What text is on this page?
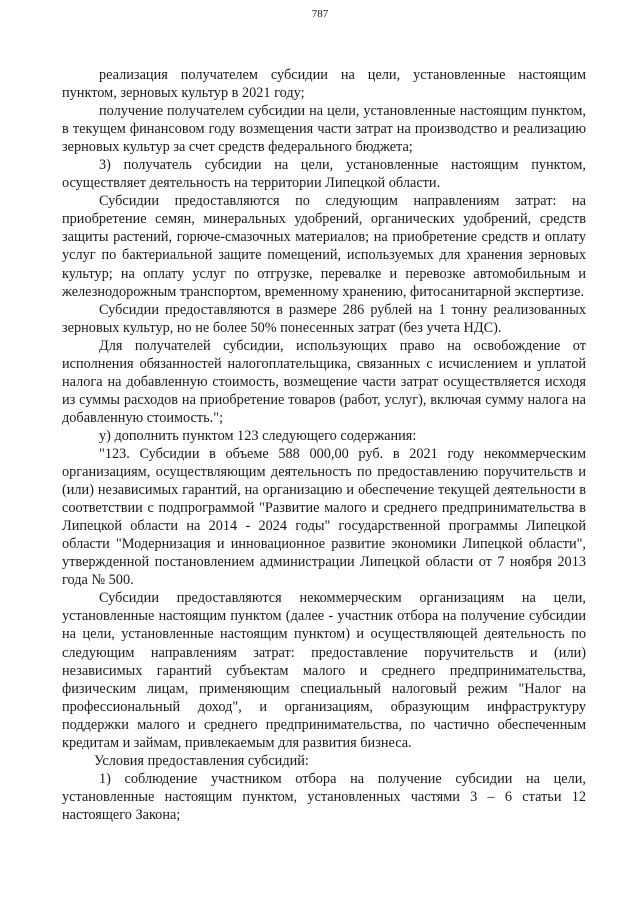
787

реализация получателем субсидии на цели, установленные настоящим пунктом, зерновых культур в 2021 году;

получение получателем субсидии на цели, установленные настоящим пунктом, в текущем финансовом году возмещения части затрат на производство и реализацию зерновых культур за счет средств федерального бюджета;

3) получатель субсидии на цели, установленные настоящим пунктом, осуществляет деятельность на территории Липецкой области.

Субсидии предоставляются по следующим направлениям затрат: на приобретение семян, минеральных удобрений, органических удобрений, средств защиты растений, горюче-смазочных материалов; на приобретение средств и оплату услуг по бактериальной защите помещений, используемых для хранения зерновых культур; на оплату услуг по отгрузке, перевалке и перевозке автомобильным и железнодорожным транспортом, временному хранению, фитосанитарной экспертизе.

Субсидии предоставляются в размере 286 рублей на 1 тонну реализованных зерновых культур, но не более 50% понесенных затрат (без учета НДС).

Для получателей субсидии, использующих право на освобождение от исполнения обязанностей налогоплательщика, связанных с исчислением и уплатой налога на добавленную стоимость, возмещение части затрат осуществляется исходя из суммы расходов на приобретение товаров (работ, услуг), включая сумму налога на добавленную стоимость.";

у) дополнить пунктом 123 следующего содержания:

"123. Субсидии в объеме 588 000,00 руб. в 2021 году некоммерческим организациям, осуществляющим деятельность по предоставлению поручительств и (или) независимых гарантий, на организацию и обеспечение текущей деятельности в соответствии с подпрограммой "Развитие малого и среднего предпринимательства в Липецкой области на 2014 - 2024 годы" государственной программы Липецкой области "Модернизация и инновационное развитие экономики Липецкой области", утвержденной постановлением администрации Липецкой области от 7 ноября 2013 года № 500.

Субсидии предоставляются некоммерческим организациям на цели, установленные настоящим пунктом (далее - участник отбора на получение субсидии на цели, установленные настоящим пунктом) и осуществляющей деятельность по следующим направлениям затрат: предоставление поручительств и (или) независимых гарантий субъектам малого и среднего предпринимательства, физическим лицам, применяющим специальный налоговый режим "Налог на профессиональный доход", и организациям, образующим инфраструктуру поддержки малого и среднего предпринимательства, по частично обеспеченным кредитам и займам, привлекаемым для развития бизнеса.

Условия предоставления субсидий:

1) соблюдение участником отбора на получение субсидии на цели, установленные настоящим пунктом, установленных частями 3 – 6 статьи 12 настоящего Закона;
